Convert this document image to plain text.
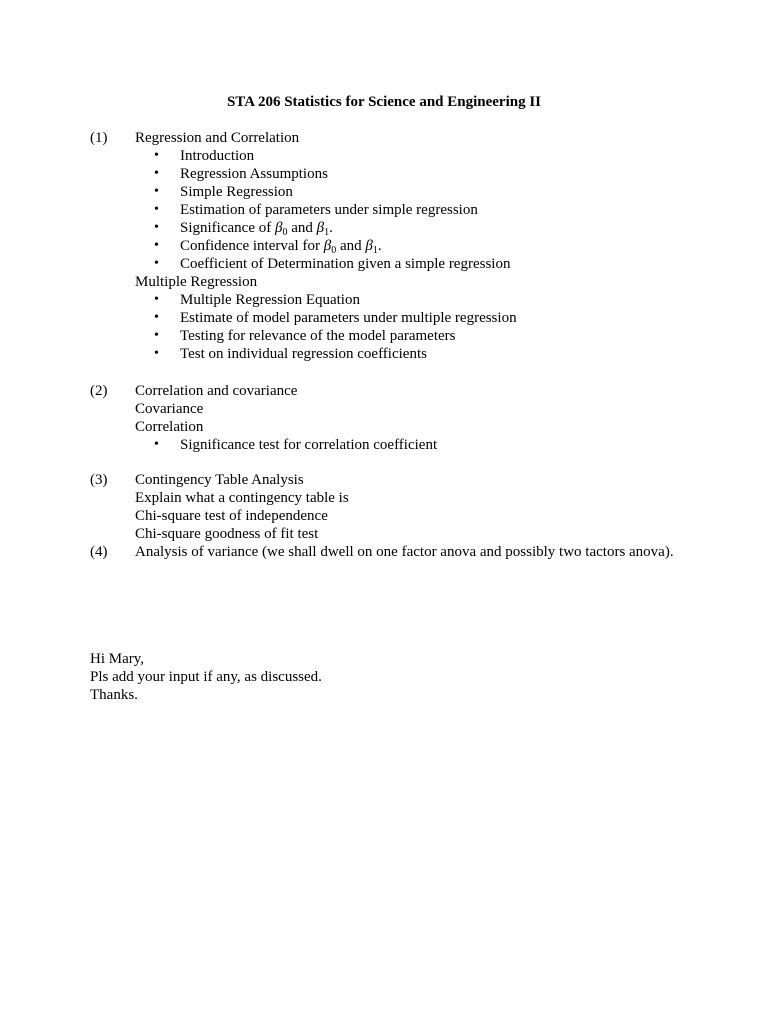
STA 206 Statistics for Science and Engineering II
(1)	Regression and Correlation
• Introduction
• Regression Assumptions
• Simple Regression
• Estimation of parameters under simple regression
• Significance of $\beta_0$ and $\beta_1$.
• Confidence interval for $\beta_0$ and $\beta_1$.
• Coefficient of Determination given a simple regression
Multiple Regression
• Multiple Regression Equation
• Estimate of model parameters under multiple regression
• Testing for relevance of the model parameters
• Test on individual regression coefficients
(2)	Correlation and covariance
Covariance
Correlation
• Significance test for correlation coefficient
(3)	Contingency Table Analysis
Explain what a contingency table is
Chi-square test of independence
Chi-square goodness of fit test
(4)	Analysis of variance (we shall dwell on one factor anova and possibly two tactors anova).
Hi Mary,
Pls add your input if any, as discussed.
Thanks.
